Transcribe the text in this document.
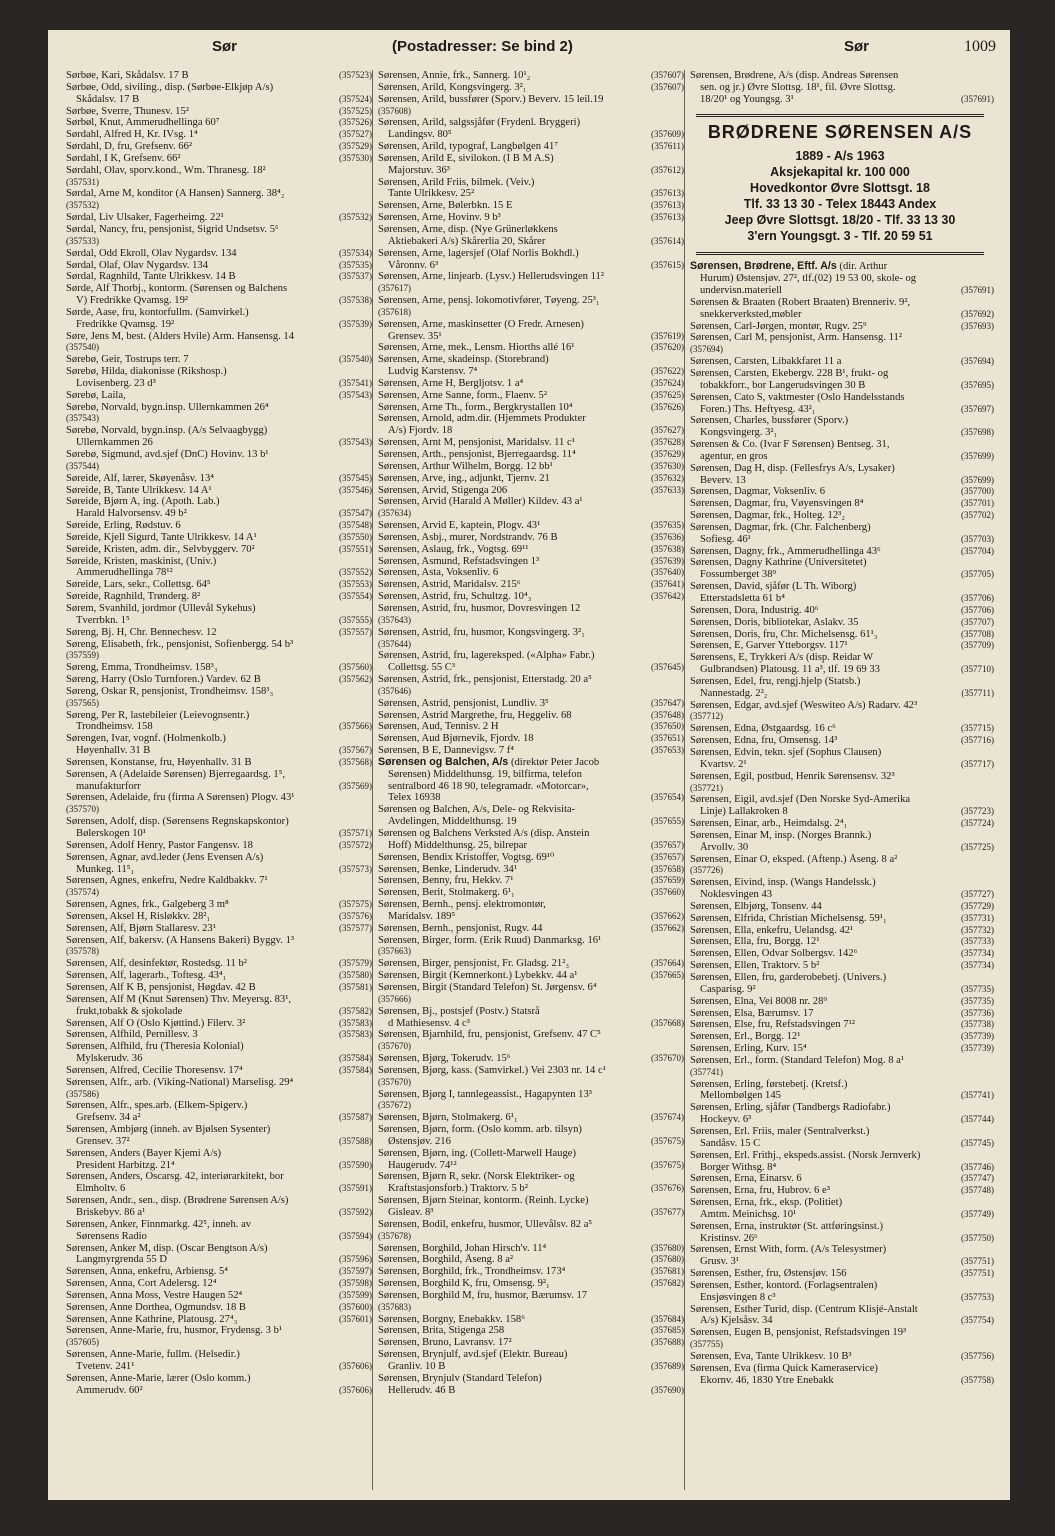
Sør	(Postadresser: Se bind 2)	Sør	1009
Sørbøe, Kari, Skådalsv. 17 B	(357523)
Sørbøe, Odd, siviling., disp. (Sørbøe-Elkjøp A/s)
Skådalsv. 17 B	(357524)
Sørbøe, Sverre, Thunesv. 15²	(357525)
Sørbøl, Knut, Ammerudhellinga 60⁷	(357526)
Sørdahl, Alfred H, Kr. IVsg. 1⁴	(357527)
Sørdahl, D, fru, Grefsenv. 66²	(357529)
Sørdahl, I K, Grefsenv. 66²	(357530)
Sørdahl, Olav, sporv.kond., Wm. Thranesg. 18²
(357531)
Sørdal, Arne M, konditor (A Hansen) Sannerg. 38⁴₂
(357532)
Sørdal, Liv Ulsaker, Fagerheimg. 22¹	(357532)
Sørdal, Nancy, fru, pensjonist, Sigrid Undsetsv. 5⁶
(357533)
Sørdal, Odd Ekroll, Olav Nygardsv. 134	(357534)
Sørdal, Olaf, Olav Nygardsv. 134	(357535)
Sørdal, Ragnhild, Tante Ulrikkesv. 14 B	(357537)
Sørde, Alf Thorbj., kontorm. (Sørensen og Balchens
V) Fredrikke Qvamsg. 19²	(357538)
Sørde, Aase, fru, kontorfullm. (Samvirkel.)
Fredrikke Qvamsg. 19²	(357539)
Søre, Jens M, best. (Alders Hvile) Arm. Hansensg. 14
(357540)
Sørebø, Geir, Tostrups terr. 7	(357540)
Sørebø, Hilda, diakonisse (Rikshosp.)
Lovisenberg. 23 d³	(357541)
Sørebø, Laila,	(357543)
Sørebø, Norvald, bygn.insp. Ullernkammen 26⁴
(357543)
Sørebø, Norvald, bygn.insp. (A/s Selvaagbygg)
Ullernkammen 26	(357543)
Sørebø, Sigmund, avd.sjef (DnC) Hovinv. 13 b¹
(357544)
Søreide, Alf, lærer, Skøyenåsv. 13⁴	(357545)
Søreide, B, Tante Ulrikkesv. 14 A¹	(357546)
Søreide, Bjørn A, ing. (Apoth. Lab.)
Harald Halvorsensv. 49 b²	(357547)
Søreide, Erling, Rødstuv. 6	(357548)
Søreide, Kjell Sigurd, Tante Ulrikkesv. 14 A¹	(357550)
Søreide, Kristen, adm. dir., Selvbyggerv. 70²	(357551)
Søreide, Kristen, maskinist, (Univ.)
Ammerudhellinga 78¹²	(357552)
Søreide, Lars, sekr., Collettsg. 64⁵	(357553)
Søreide, Ragnhild, Trønderg. 8²	(357554)
Sørem, Svanhild, jordmor (Ullevål Sykehus)
Tverrbkn. 1⁵	(357555)
Søreng, Bj. H, Chr. Bennechesv. 12	(357557)
Søreng, Elisabeth, frk., pensjonist, Sofienbergg. 54 b³
(357559)
Søreng, Emma, Trondheimsv. 158³₃	(357560)
Søreng, Harry (Oslo Turnforen.) Vardev. 62 B	(357562)
Søreng, Oskar R, pensjonist, Trondheimsv. 158³₃
(357565)
Søreng, Per R, lastebileier (Leievognsentr.)
Trondheimsv. 158	(357566)
Sørengen, Ivar, vognf. (Holmenkolb.)
Høyenhallv. 31 B	(357567)
Sørensen, Konstanse, fru, Høyenhallv. 31 B	(357568)
Sørensen, A (Adelaide Sørensen) Bjerregaardsg. 1⁵,
manufakturforr	(357569)
Sørensen, Adelaide, fru (firma A Sørensen) Plogv. 43¹
(357570)
Sørensen, Adolf, disp. (Sørensens Regnskapskontor)
Bølerskogen 10¹	(357571)
Sørensen, Adolf Henry, Pastor Fangensv. 18	(357572)
Sørensen, Agnar, avd.leder (Jens Evensen A/s)
Munkeg. 11⁵₁	(357573)
Sørensen, Agnes, enkefru, Nedre Kaldbakkv. 7¹
(357574)
Sørensen, Agnes, frk., Galgeberg 3 m⁸	(357575)
Sørensen, Aksel H, Risløkkv. 28²₁	(357576)
Sørensen, Alf, Bjørn Stallaresv. 23¹	(357577)
Sørensen, Alf, bakersv. (A Hansens Bakeri) Byggv. 1³
(357578)
Sørensen, Alf, desinfektør, Rostedsg. 11 b²	(357579)
Sørensen, Alf, lagerarb., Toftesg. 43⁴₁	(357580)
Sørensen, Alf K B, pensjonist, Høgdav. 42 B	(357581)
Sørensen, Alf M (Knut Sørensen) Thv. Meyersg. 83¹,
frukt,tobakk & sjokolade	(357582)
Sørensen, Alf O (Oslo Kjøttind.) Filerv. 3²	(357583)
Sørensen, Alfhild, Pernillesv. 3	(357583)
Sørensen, Alfhild, fru (Theresia Kolonial)
Mylskerudv. 36	(357584)
Sørensen, Alfred, Cecilie Thoresensv. 17⁴	(357584)
Sørensen, Alfr., arb. (Viking-National) Marselisg. 29⁴
(357586)
Sørensen, Alfr., spes.arb. (Elkem-Spigerv.)
Grefsenv. 34 a²	(357587)
Sørensen, Ambjørg (inneh. av Bjølsen Sysenter)
Grensev. 37²	(357588)
Sørensen, Anders (Bayer Kjemi A/s)
President Harbitzg. 21⁴	(357590)
Sørensen, Anders, Oscarsg. 42, interiørarkitekt, bor
Elmholtv. 6	(357591)
Sørensen, Andr., sen., disp. (Brødrene Sørensen A/s)
Briskebyv. 86 a¹	(357592)
Sørensen, Anker, Finnmarkg. 42⁵, inneh. av
Sørensens Radio	(357594)
Sørensen, Anker M, disp. (Oscar Bengtson A/s)
Langmyrgrenda 55 D	(357596)
Sørensen, Anna, enkefru, Arbiensg. 5⁴	(357597)
Sørensen, Anna, Cort Adelersg. 12⁴	(357598)
Sørensen, Anna Moss, Vestre Haugen 52⁴	(357599)
Sørensen, Anne Dorthea, Ogmundsv. 18 B	(357600)
Sørensen, Anne Kathrine, Platousg. 27⁴₃	(357601)
Sørensen, Anne-Marie, fru, husmor, Frydensg. 3 b¹
(357605)
Sørensen, Anne-Marie, fullm. (Helsedir.)
Tvetenv. 241¹	(357606)
Sørensen, Anne-Marie, lærer (Oslo komm.)
Ammerudv. 60²	(357606)
Sørensen, Annie, frk., Sannerg. 10¹₂	(357607)
Sørensen, Arild, Kongsvingerg. 3²₁	(357607)
Sørensen, Arild, bussfører (Sporv.) Beverv. 15 leil.19
(357608)
Sørensen, Arild, salgssjåfør (Frydenl. Bryggeri)
Landingsv. 80⁵	(357609)
Sørensen, Arild, typograf, Langbølgen 41⁷	(357611)
Sørensen, Arild E, sivilokon. (I B M A.S)
Majorstuv. 36³	(357612)
Sørensen, Arild Friis, bilmek. (Veiv.)
Tante Ulrikkesv. 25²	(357613)
Sørensen, Arne, Bølerbkn. 15 E	(357613)
Sørensen, Arne, Hovinv. 9 b³	(357613)
Sørensen, Arne, disp. (Nye Grünerløkkens
Aktiebakeri A/s) Skårerlia 20, Skårer	(357614)
Sørensen, Arne, lagersjef (Olaf Norlis Bokhdl.)
Våronnv. 6³	(357615)
Sørensen, Arne, linjearb. (Lysv.) Hellerudsvingen 11²
(357617)
Sørensen, Arne, pensj. lokomotivfører, Tøyeng. 25³₁
(357618)
Sørensen, Arne, maskinsetter (O Fredr. Arnesen)
Grensev. 35¹	(357619)
Sørensen, Arne, mek., Lensm. Hiorths allé 16¹	(357620)
Sørensen, Arne, skadeinsp. (Storebrand)
Ludvig Karstensv. 7⁴	(357622)
Sørensen, Arne H, Bergljotsv. 1 a⁴	(357624)
Sørensen, Arne Sanne, form., Flaenv. 5²	(357625)
Sørensen, Arne Th., form., Bergkrystallen 10⁴	(357626)
Sørensen, Arnold, adm.dir. (Hjemmets Produkter
A/s) Fjordv. 18	(357627)
Sørensen, Arnt M, pensjonist, Maridalsv. 11 c¹	(357628)
Sørensen, Arth., pensjonist, Bjerregaardsg. 11⁴	(357629)
Sørensen, Arthur Wilhelm, Borgg. 12 bb¹	(357630)
Sørensen, Arve, ing., adjunkt, Tjernv. 21	(357632)
Sørensen, Arvid, Stigenga 206	(357633)
Sørensen, Arvid (Harald A Møller) Kildev. 43 a¹
(357634)
Sørensen, Arvid E, kaptein, Plogv. 43¹	(357635)
Sørensen, Asbj., murer, Nordstrandv. 76 B	(357636)
Sørensen, Aslaug, frk., Vogtsg. 69¹¹	(357638)
Sørensen, Asmund, Refstadsvingen 1³	(357639)
Sørensen, Asta, Voksenliv. 6	(357640)
Sørensen, Astrid, Maridalsv. 215⁶	(357641)
Sørensen, Astrid, fru, Schultzg. 10⁴₃	(357642)
Sørensen, Astrid, fru, husmor, Dovresvingen 12
(357643)
Sørensen, Astrid, fru, husmor, Kongsvingerg. 3²₁
(357644)
Sørensen, Astrid, fru, lagereksped. («Alpha» Fabr.)
Collettsg. 55 C³	(357645)
Sørensen, Astrid, frk., pensjonist, Etterstadg. 20 a⁵
(357646)
Sørensen, Astrid, pensjonist, Lundliv. 3⁵	(357647)
Sørensen, Astrid Margrethe, fru, Heggeliv. 68	(357648)
Sørensen, Aud, Tennisv. 2 H	(357650)
Sørensen, Aud Bjørnevik, Fjordv. 18	(357651)
Sørensen, B E, Dannevigsv. 7 f⁴	(357653)
Sørensen og Balchen, A/s (direktør Peter Jacob
Sørensen) Middelthunsg. 19, bilfirma, telefon
sentralbord 46 18 90, telegramadr. «Motorcar»,
Telex 16938	(357654)
Sørensen og Balchen, A/s, Dele- og Rekvisita-
Avdelingen, Middelthunsg. 19	(357655)
Sørensen og Balchens Verksted A/s (disp. Anstein
Hoff) Middelthunsg. 25, bilrepar	(357657)
Sørensen, Bendix Kristoffer, Vogtsg. 69¹⁰	(357657)
Sørensen, Benke, Linderudv. 34¹	(357658)
Sørensen, Benny, fru, Hekkv. 7¹	(357659)
Sørensen, Berit, Stolmakerg. 6¹₁	(357660)
Sørensen, Bernh., pensj. elektromontør,
Maridalsv. 189⁵	(357662)
Sørensen, Bernh., pensjonist, Rugv. 44	(357662)
Sørensen, Birger, form. (Erik Ruud) Danmarksg. 16¹
(357663)
Sørensen, Birger, pensjonist, Fr. Gladsg. 21²₃	(357664)
Sørensen, Birgit (Kemnerkont.) Lybekkv. 44 a¹	(357665)
Sørensen, Birgit (Standard Telefon) St. Jørgensv. 6⁴
(357666)
Sørensen, Bj., postsjef (Postv.) Statsrå
d Mathiesensv. 4 c³	(357668)
Sørensen, Bjarnhild, fru, pensjonist, Grefsenv. 47 C⁵
(357670)
Sørensen, Bjørg, Tokerudv. 15⁶	(357670)
Sørensen, Bjørg, kass. (Samvirkel.) Vei 2303 nr. 14 c¹
(357670)
Sørensen, Bjørg I, tannlegeassist., Hagapynten 13³
(357672)
Sørensen, Bjørn, Stolmakerg. 6¹₁	(357674)
Sørensen, Bjørn, form. (Oslo komm. arb. tilsyn)
Østensjøv. 216	(357675)
Sørensen, Bjørn, ing. (Collett-Marwell Hauge)
Haugerudv. 74¹²	(357675)
Sørensen, Bjørn R, sekr. (Norsk Elektriker- og
Kraftstasjonsforb.) Traktorv. 5 b²	(357676)
Sørensen, Bjørn Steinar, kontorm. (Reinh. Lycke)
Gisleav. 8³	(357677)
Sørensen, Bodil, enkefru, husmor, Ullevålsv. 82 a⁵
(357678)
Sørensen, Borghild, Johan Hirsch'v. 11⁴	(357680)
Sørensen, Borghild, Åseng. 8 a²	(357680)
Sørensen, Borghild, frk., Trondheimsv. 173⁴	(357681)
Sørensen, Borghild K, fru, Omsensg. 9²₁	(357682)
Sørensen, Borghild M, fru, husmor, Bærumsv. 17
(357683)
Sørensen, Borgny, Enebakkv. 158⁶	(357684)
Sørensen, Brita, Stigenga 258	(357685)
Sørensen, Bruno, Lavransv. 17²	(357688)
Sørensen, Brynjulf, avd.sjef (Elektr. Bureau)
Granliv. 10 B	(357689)
Sørensen, Brynjulv (Standard Telefon)
Hellerudv. 46 B	(357690)
Sørensen, Brødrene, A/s (disp. Andreas Sørensen
sen. og jr.) Øvre Slottsg. 18¹, fil. Øvre Slottsg.
18/20¹ og Youngsg. 3¹	(357691)
BRØDRENE SØRENSEN A/S
1889 - A/s 1963
Aksjekapital kr. 100 000
Hovedkontor Øvre Slottsgt. 18
Tlf. 33 13 30 - Telex 18443 Andex
Jeep Øvre Slottsgt. 18/20 - Tlf. 33 13 30
3'ern Youngsgt. 3 - Tlf. 20 59 51
Sørensen, Brødrene, Eftf. A/s (dir. Arthur
Hurum) Østensjøv. 27², tlf.(02) 19 53 00, skole- og
undervisn.materiell	(357691)
Sørensen & Braaten (Robert Braaten) Brenneriv. 9²,
snekkerverksted,møbler	(357692)
Sørensen, Carl-Jørgen, montør, Rugv. 25⁹	(357693)
Sørensen, Carl M, pensjonist, Arm. Hansensg. 11²
(357694)
Sørensen, Carsten, Libakkfaret 11 a	(357694)
Sørensen, Carsten, Ekebergv. 228 B¹, frukt- og
tobakkforr., bor Langerudsvingen 30 B	(357695)
Sørensen, Cato S, vaktmester (Oslo Handelsstands
Foren.) Ths. Heftyesg. 43²₁	(357697)
Sørensen, Charles, bussfører (Sporv.)
Kongsvingerg. 3²₁	(357698)
Sørensen & Co. (Ivar F Sørensen) Bentseg. 31,
agentur, en gros	(357699)
Sørensen, Dag H, disp. (Fellesfrys A/s, Lysaker)
Beverv. 13	(357699)
Sørensen, Dagmar, Voksenliv. 6	(357700)
Sørensen, Dagmar, fru, Vøyensvingen 8⁴	(357701)
Sørensen, Dagmar, frk., Holteg. 12³₂	(357702)
Sørensen, Dagmar, frk. (Chr. Falchenberg)
Sofiesg. 46¹	(357703)
Sørensen, Dagny, frk., Ammerudhellinga 43⁶	(357704)
Sørensen, Dagny Kathrine (Universitetet)
Fossumberget 38⁹	(357705)
Sørensen, David, sjåfør (L Th. Wiborg)
Etterstadsletta 61 b⁴	(357706)
Sørensen, Dora, Industrig. 40⁶	(357706)
Sørensen, Doris, bibliotekar, Aslakv. 35	(357707)
Sørensen, Doris, fru, Chr. Michelsensg. 61¹₃	(357708)
Sørensen, E, Garver Ytteborgsv. 117¹	(357709)
Sørensens, E, Trykkeri A/s (disp. Reidar W
Gulbrandsen) Platousg. 11 a³, tlf. 19 69 33	(357710)
Sørensen, Edel, fru, rengj.hjelp (Statsb.)
Nannestadg. 2²₂	(357711)
Sørensen, Edgar, avd.sjef (Weswiteo A/s) Radarv. 42³
(357712)
Sørensen, Edna, Østgaardsg. 16 c⁶	(357715)
Sørensen, Edna, fru, Omsensg. 14³	(357716)
Sørensen, Edvin, tekn. sjef (Sophus Clausen)
Kvartsv. 2¹	(357717)
Sørensen, Egil, postbud, Henrik Sørensensv. 32³
(357721)
Sørensen, Eigil, avd.sjef (Den Norske Syd-Amerika
Linje) Lallakroken 8	(357723)
Sørensen, Einar, arb., Heimdalsg. 2⁴₁	(357724)
Sørensen, Einar M, insp. (Norges Brannk.)
Årvollv. 30	(357725)
Sørensen, Einar O, eksped. (Aftenp.) Åseng. 8 a²
(357726)
Sørensen, Eivind, insp. (Wangs Handelssk.)
Noklesvingen 43	(357727)
Sørensen, Elbjørg, Tonsenv. 44	(357729)
Sørensen, Elfrida, Christian Michelsensg. 59¹₁	(357731)
Sørensen, Ella, enkefru, Uelandsg. 42¹	(357732)
Sørensen, Ella, fru, Borgg. 12¹	(357733)
Sørensen, Ellen, Odvar Solbergsv. 142⁶	(357734)
Sørensen, Ellen, Traktorv. 5 b²	(357734)
Sørensen, Ellen, fru, garderobebetj. (Univers.)
Casparisg. 9²	(357735)
Sørensen, Elna, Vei 8008 nr. 28⁹	(357735)
Sørensen, Elsa, Bærumsv. 17	(357736)
Sørensen, Else, fru, Refstadsvingen 7¹²	(357738)
Sørensen, Erl., Borgg. 12¹	(357739)
Sørensen, Erling, Kurv. 15⁴	(357739)
Sørensen, Erl., form. (Standard Telefon) Mog. 8 a¹
(357741)
Sørensen, Erling, førstebetj. (Kretsf.)
Mellombølgen 145	(357741)
Sørensen, Erling, sjåfør (Tandbergs Radiofabr.)
Hockeyv. 6³	(357744)
Sørensen, Erl. Friis, maler (Sentralverkst.)
Sandåsv. 15 C	(357745)
Sørensen, Erl. Frithj., ekspeds.assist. (Norsk Jernverk)
Borger Withsg. 8⁴	(357746)
Sørensen, Erna, Einarsv. 6	(357747)
Sørensen, Erna, fru, Hubrov. 6 e³	(357748)
Sørensen, Erna, frk., eksp. (Politiet)
Amtm. Meinichsg. 10¹	(357749)
Sørensen, Erna, instruktør (St. attføringsinst.)
Kristinsv. 26⁶	(357750)
Sørensen, Ernst With, form. (A/s Telesystmer)
Grusv. 3¹	(357751)
Sørensen, Esther, fru, Østensjøv. 156	(357751)
Sørensen, Esther, kontord. (Forlagsentralen)
Ensjøsvingen 8 c³	(357753)
Sørensen, Esther Turid, disp. (Centrum Klisjé-Anstalt
A/s) Kjelsåsv. 34	(357754)
Sørensen, Eugen B, pensjonist, Refstadsvingen 19³
(357755)
Sørensen, Eva, Tante Ulrikkesv. 10 B³	(357756)
Sørensen, Eva (firma Quick Kameraservice)
Ekornv. 46, 1830 Ytre Enebakk	(357758)
